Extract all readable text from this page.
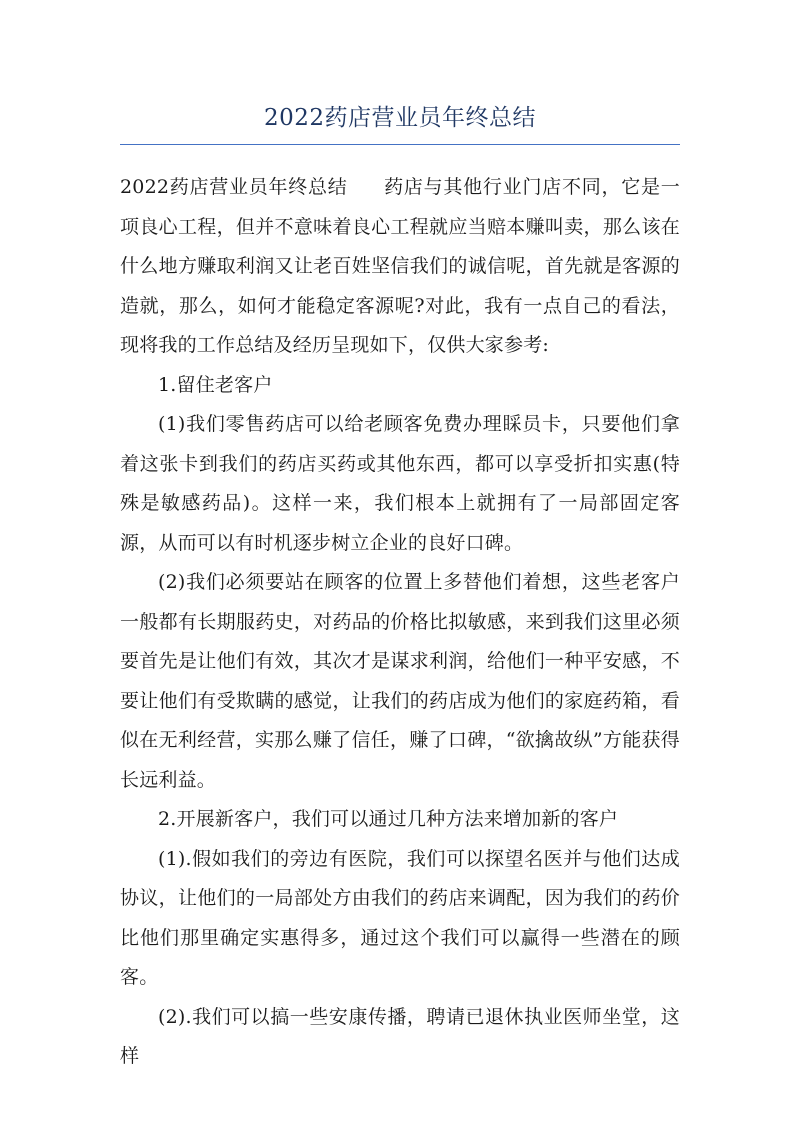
2022药店营业员年终总结

2022药店营业员年终总结 药店与其他行业门店不同，它是一项良心工程，但并不意味着良心工程就应当赔本赚叫卖，那么该在什么地方赚取利润又让老百姓坚信我们的诚信呢，首先就是客源的造就，那么，如何才能稳定客源呢?对此，我有一点自己的看法，现将我的工作总结及经历呈现如下，仅供大家参考:

1.留住老客户

(1)我们零售药店可以给老顾客免费办理睬员卡，只要他们拿着这张卡到我们的药店买药或其他东西，都可以享受折扣实惠(特殊是敏感药品)。这样一来，我们根本上就拥有了一局部固定客源，从而可以有时机逐步树立企业的良好口碑。

(2)我们必须要站在顾客的位置上多替他们着想，这些老客户一般都有长期服药史，对药品的价格比拟敏感，来到我们这里必须要首先是让他们有效，其次才是谋求利润，给他们一种平安感，不要让他们有受欺瞒的感觉，让我们的药店成为他们的家庭药箱，看似在无利经营，实那么赚了信任，赚了口碑，“欲擒故纵”方能获得长远利益。

2.开展新客户，我们可以通过几种方法来增加新的客户

(1).假如我们的旁边有医院，我们可以探望名医并与他们达成协议，让他们的一局部处方由我们的药店来调配，因为我们的药价比他们那里确定实惠得多，通过这个我们可以赢得一些潜在的顾客。

(2).我们可以搞一些安康传播，聘请已退休执业医师坐堂，这样
